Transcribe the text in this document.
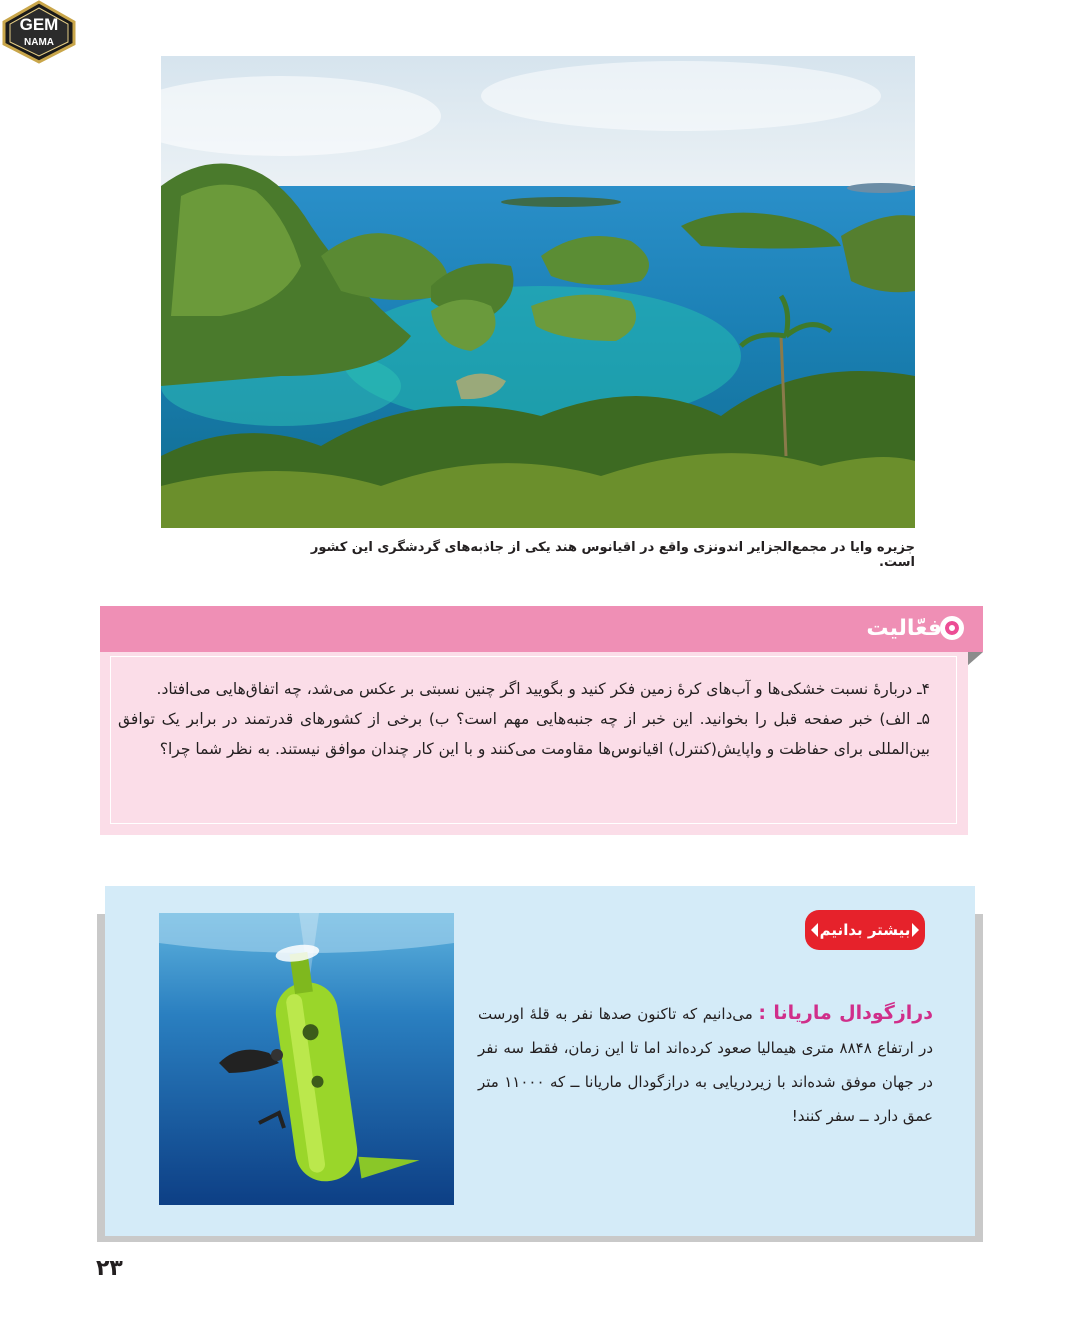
GEM
NAMA
جزیره وایا در مجمع‌الجزایر اندونزی واقع در اقیانوس هند یکی از جاذبه‌های گردشگری این کشور است.
فعّالیت

۴ـ دربارهٔ نسبت خشکی‌ها و آب‌های کرهٔ زمین فکر کنید و بگویید اگر چنین نسبتی بر عکس می‌شد، چه اتفاق‌هایی می‌افتاد.

۵ـ الف) خبر صفحه قبل را بخوانید. این خبر از چه جنبه‌هایی مهم است؟ ب) برخی از کشورهای قدرتمند در برابر یک توافق بین‌المللی برای حفاظت و واپایش(کنترل) اقیانوس‌ها مقاومت می‌کنند و با این کار چندان موافق نیستند. به نظر شما چرا؟

بیشتر بدانیم
درازگودال ماریانا : می‌دانیم که تاکنون صدها نفر به قلهٔ اورست در ارتفاع ۸۸۴۸ متری هیمالیا صعود کرده‌اند اما تا این زمان، فقط سه نفر در جهان موفق شده‌اند با زیردریایی به درازگودال ماریانا ــ که ۱۱۰۰۰ متر عمق دارد ــ سفر کنند!
۲۳
